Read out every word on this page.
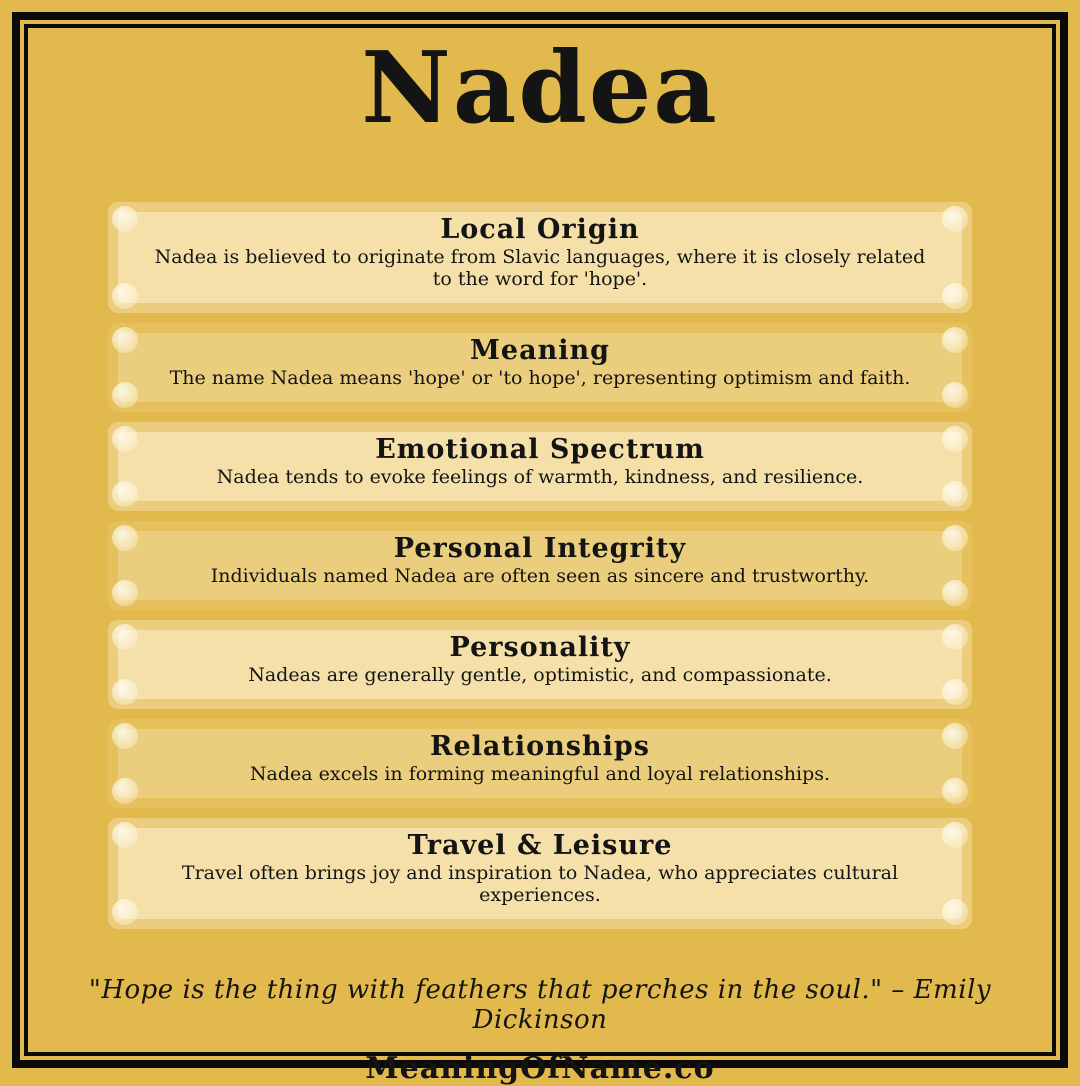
Nadea
Local Origin

Nadea is believed to originate from Slavic languages, where it is closely related to the word for 'hope'.

Meaning

The name Nadea means 'hope' or 'to hope', representing optimism and faith.

Emotional Spectrum

Nadea tends to evoke feelings of warmth, kindness, and resilience.

Personal Integrity

Individuals named Nadea are often seen as sincere and trustworthy.

Personality

Nadeas are generally gentle, optimistic, and compassionate.

Relationships

Nadea excels in forming meaningful and loyal relationships.

Travel & Leisure

Travel often brings joy and inspiration to Nadea, who appreciates cultural experiences.

"Hope is the thing with feathers that perches in the soul." – Emily Dickinson

MeaningOfName.co
